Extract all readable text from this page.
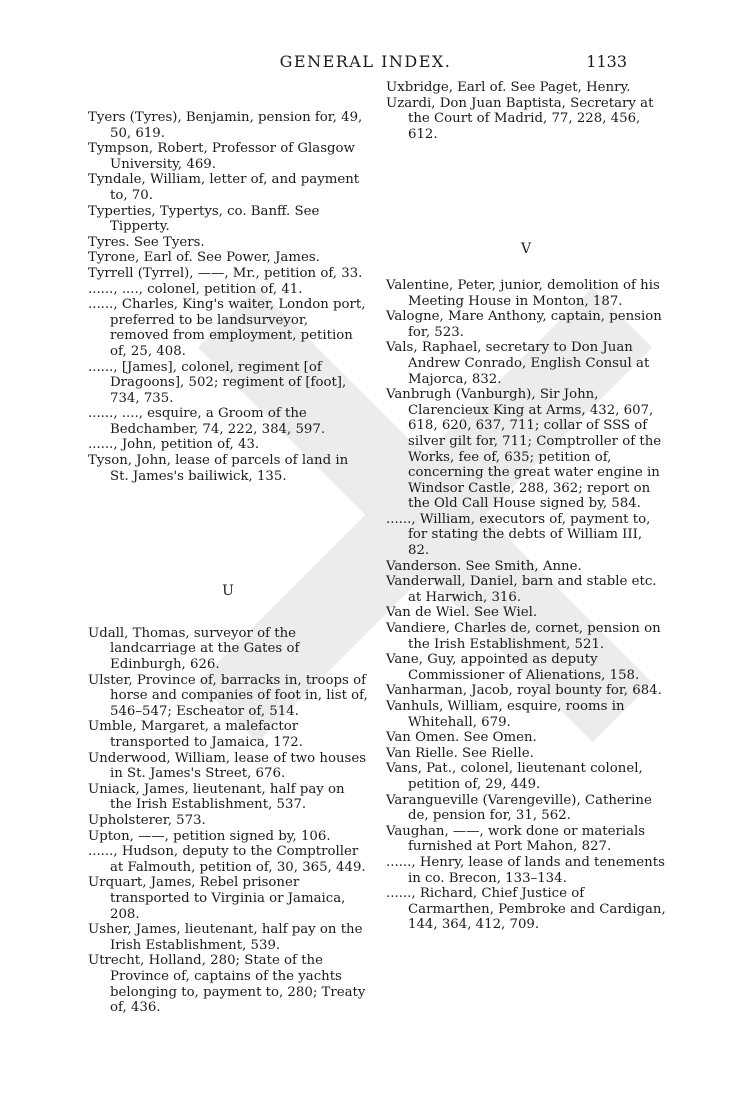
GENERAL INDEX.	1133

Tyers (Tyres), Benjamin, pension for, 49, 50, 619.

Tympson, Robert, Professor of Glasgow University, 469.

Tyndale, William, letter of, and payment to, 70.

Typerties, Typertys, co. Banff. See Tipperty.

Tyres. See Tyers.

Tyrone, Earl of. See Power, James.

Tyrrell (Tyrrel), ——, Mr., petition of, 33.

......, ...., colonel, petition of, 41.

......, Charles, King's waiter, London port, preferred to be landsurveyor, removed from employment, petition of, 25, 408.

......, [James], colonel, regiment [of Dragoons], 502; regiment of [foot], 734, 735.

......, ...., esquire, a Groom of the Bedchamber, 74, 222, 384, 597.

......, John, petition of, 43.

Tyson, John, lease of parcels of land in St. James's bailiwick, 135.

U

Udall, Thomas, surveyor of the landcarriage at the Gates of Edinburgh, 626.

Ulster, Province of, barracks in, troops of horse and companies of foot in, list of, 546–547; Escheator of, 514.

Umble, Margaret, a malefactor transported to Jamaica, 172.

Underwood, William, lease of two houses in St. James's Street, 676.

Uniack, James, lieutenant, half pay on the Irish Establishment, 537.

Upholsterer, 573.

Upton, ——, petition signed by, 106.

......, Hudson, deputy to the Comptroller at Falmouth, petition of, 30, 365, 449.

Urquart, James, Rebel prisoner transported to Virginia or Jamaica, 208.

Usher, James, lieutenant, half pay on the Irish Establishment, 539.

Utrecht, Holland, 280; State of the Province of, captains of the yachts belonging to, payment to, 280; Treaty of, 436.

Uxbridge, Earl of. See Paget, Henry.

Uzardi, Don Juan Baptista, Secretary at the Court of Madrid, 77, 228, 456, 612.

V

Valentine, Peter, junior, demolition of his Meeting House in Monton, 187.

Valogne, Mare Anthony, captain, pension for, 523.

Vals, Raphael, secretary to Don Juan Andrew Conrado, English Consul at Majorca, 832.

Vanbrugh (Vanburgh), Sir John, Clarencieux King at Arms, 432, 607, 618, 620, 637, 711; collar of SSS of silver gilt for, 711; Comptroller of the Works, fee of, 635; petition of, concerning the great water engine in Windsor Castle, 288, 362; report on the Old Call House signed by, 584.

......, William, executors of, payment to, for stating the debts of William III, 82.

Vanderson. See Smith, Anne.

Vanderwall, Daniel, barn and stable etc. at Harwich, 316.

Van de Wiel. See Wiel.

Vandiere, Charles de, cornet, pension on the Irish Establishment, 521.

Vane, Guy, appointed as deputy Commissioner of Alienations, 158.

Vanharman, Jacob, royal bounty for, 684.

Vanhuls, William, esquire, rooms in Whitehall, 679.

Van Omen. See Omen.

Van Rielle. See Rielle.

Vans, Pat., colonel, lieutenant colonel, petition of, 29, 449.

Varangueville (Varengeville), Catherine de, pension for, 31, 562.

Vaughan, ——, work done or materials furnished at Port Mahon, 827.

......, Henry, lease of lands and tenements in co. Brecon, 133–134.

......, Richard, Chief Justice of Carmarthen, Pembroke and Cardigan, 144, 364, 412, 709.
